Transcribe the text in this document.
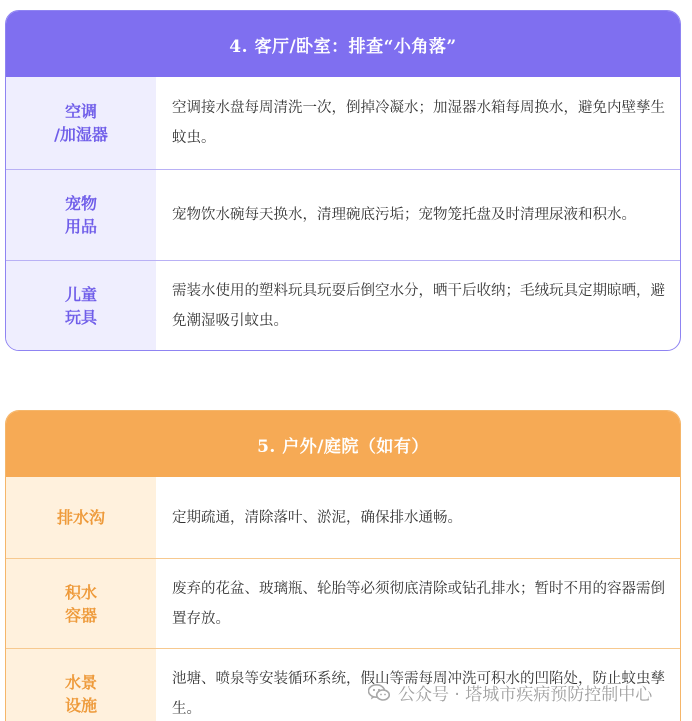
4. 客厅/卧室：排查“小角落”
空调
/加湿器
空调接水盘每周清洗一次，倒掉冷凝水；加湿器水箱每周换水，避免内壁孳生蚊虫。
宠物
用品
宠物饮水碗每天换水，清理碗底污垢；宠物笼托盘及时清理尿液和积水。
儿童
玩具
需装水使用的塑料玩具玩耍后倒空水分，晒干后收纳；毛绒玩具定期晾晒，避免潮湿吸引蚊虫。
5. 户外/庭院（如有）
排水沟	定期疏通，清除落叶、淤泥，确保排水通畅。
积水
容器
废弃的花盆、玻璃瓶、轮胎等必须彻底清除或钻孔排水；暂时不用的容器需倒置存放。
水景
设施
池塘、喷泉等安装循环系统，假山等需每周冲洗可积水的凹陷处，防止蚊虫孳生。
公众号 · 塔城市疾病预防控制中心
